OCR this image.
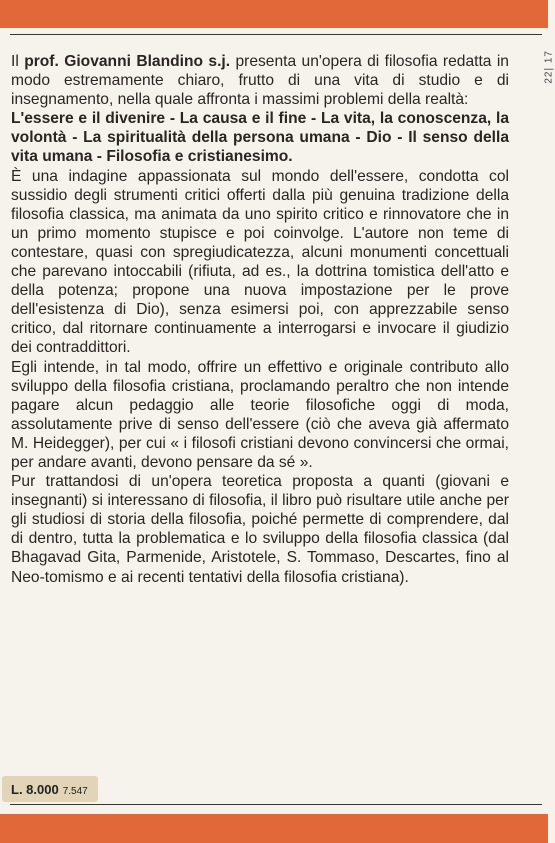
22| 17

Il prof. Giovanni Blandino s.j. presenta un'opera di filosofia redatta in modo estremamente chiaro, frutto di una vita di studio e di insegnamento, nella quale affronta i massimi problemi della realtà:

L'essere e il divenire - La causa e il fine - La vita, la conoscenza, la volontà - La spiritualità della persona umana - Dio - Il senso della vita umana - Filosofia e cristianesimo.

È una indagine appassionata sul mondo dell'essere, condotta col sussidio degli strumenti critici offerti dalla più genuina tradizione della filosofia classica, ma animata da uno spirito critico e rinnovatore che in un primo momento stupisce e poi coinvolge. L'autore non teme di contestare, quasi con spregiudicatezza, alcuni monumenti concettuali che parevano intoccabili (rifiuta, ad es., la dottrina tomistica dell'atto e della potenza; propone una nuova impostazione per le prove dell'esistenza di Dio), senza esimersi poi, con apprezzabile senso critico, dal ritornare continuamente a interrogarsi e invocare il giudizio dei contraddittori.

Egli intende, in tal modo, offrire un effettivo e originale contributo allo sviluppo della filosofia cristiana, proclamando peraltro che non intende pagare alcun pedaggio alle teorie filosofiche oggi di moda, assolutamente prive di senso dell'essere (ciò che aveva già affermato M. Heidegger), per cui « i filosofi cristiani devono convincersi che ormai, per andare avanti, devono pensare da sé ».

Pur trattandosi di un'opera teoretica proposta a quanti (giovani e insegnanti) si interessano di filosofia, il libro può risultare utile anche per gli studiosi di storia della filosofia, poiché permette di comprendere, dal di dentro, tutta la problematica e lo sviluppo della filosofia classica (dal Bhagavad Gita, Parmenide, Aristotele, S. Tommaso, Descartes, fino al Neo-tomismo e ai recenti tentativi della filosofia cristiana).

L. 8.000 7.547
